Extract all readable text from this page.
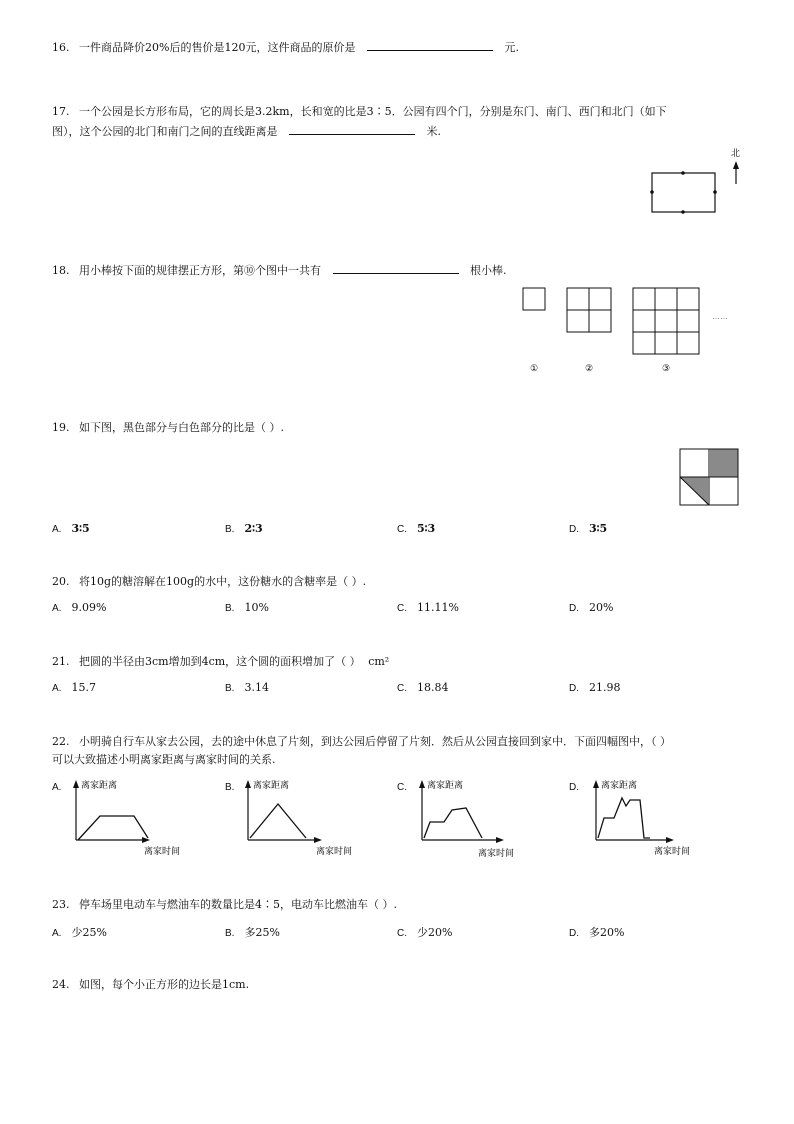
16. 一件商品降价20%后的售价是120元，这件商品的原价是	元.
17. 一个公园是长方形布局，它的周长是3.2km，长和宽的比是3∶5．公园有四个门，分别是东门、南门、西门和北门（如下
图），这个公园的北门和南门之间的直线距离是	米.
北
18. 用小棒按下面的规律摆正方形，第⑩个图中一共有	根小棒.
……
①	②	③
19. 如下图，黑色部分与白色部分的比是（ ）.
A. 3∶5	B. 2∶3	C. 5∶3	D. 3∶5
20. 将10g的糖溶解在100g的水中，这份糖水的含糖率是（ ）.
A. 9.09%	B. 10%	C. 11.11%	D. 20%
21. 把圆的半径由3cm增加到4cm，这个圆的面积增加了（ ） cm²
A. 15.7	B. 3.14	C. 18.84	D. 21.98
22. 小明骑自行车从家去公园，去的途中休息了片刻，到达公园后停留了片刻．然后从公园直接回到家中．下面四幅图中，（ ）
可以大致描述小明离家距离与离家时间的关系.
A.	离家距离
离家时间
B.	离家距离
离家时间
C.	离家距离
离家时间
D.	离家距离
离家时间
23. 停车场里电动车与燃油车的数量比是4∶5，电动车比燃油车（ ）.
A. 少25%	B. 多25%	C. 少20%	D. 多20%
24. 如图，每个小正方形的边长是1cm.
